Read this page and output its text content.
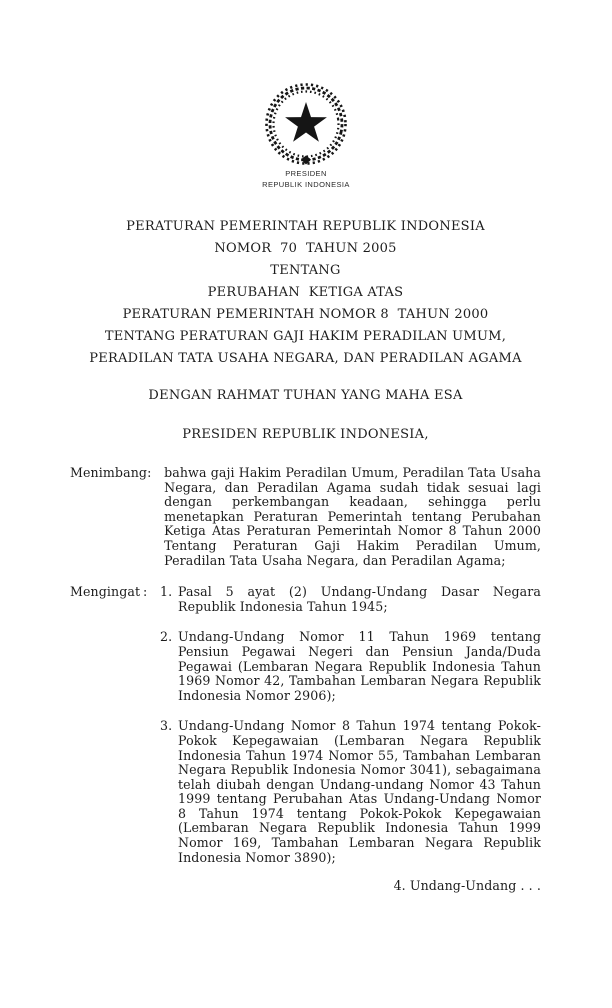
PRESIDEN
REPUBLIK INDONESIA
PERATURAN PEMERINTAH REPUBLIK INDONESIA
NOMOR  70  TAHUN 2005
TENTANG
PERUBAHAN  KETIGA ATAS
PERATURAN PEMERINTAH NOMOR 8  TAHUN 2000
TENTANG PERATURAN GAJI HAKIM PERADILAN UMUM,
PERADILAN TATA USAHA NEGARA, DAN PERADILAN AGAMA
DENGAN RAHMAT TUHAN YANG MAHA ESA
PRESIDEN REPUBLIK INDONESIA,
Menimbang :	bahwa gaji Hakim Peradilan Umum, Peradilan Tata Usaha Negara, dan Peradilan Agama sudah tidak sesuai lagi dengan perkembangan keadaan, sehingga perlu menetapkan Peraturan Pemerintah tentang Perubahan Ketiga Atas Peraturan Pemerintah Nomor 8 Tahun 2000 Tentang Peraturan Gaji Hakim Peradilan Umum, Peradilan Tata Usaha Negara, dan Peradilan Agama;
Mengingat :	1. Pasal 5 ayat (2) Undang-Undang Dasar Negara Republik Indonesia Tahun 1945;
2. Undang-Undang Nomor 11 Tahun 1969 tentang Pensiun Pegawai Negeri dan Pensiun Janda/Duda Pegawai (Lembaran Negara Republik Indonesia Tahun 1969 Nomor 42, Tambahan Lembaran Negara Republik Indonesia Nomor 2906);
3. Undang-Undang Nomor 8 Tahun 1974 tentang Pokok-Pokok Kepegawaian (Lembaran Negara Republik Indonesia Tahun 1974 Nomor 55, Tambahan Lembaran Negara Republik Indonesia Nomor 3041), sebagaimana telah diubah dengan Undang-undang Nomor 43 Tahun 1999 tentang Perubahan Atas Undang-Undang Nomor 8 Tahun 1974 tentang Pokok-Pokok Kepegawaian (Lembaran Negara Republik Indonesia Tahun 1999 Nomor 169, Tambahan Lembaran Negara Republik Indonesia Nomor 3890);
4. Undang-Undang . . .
